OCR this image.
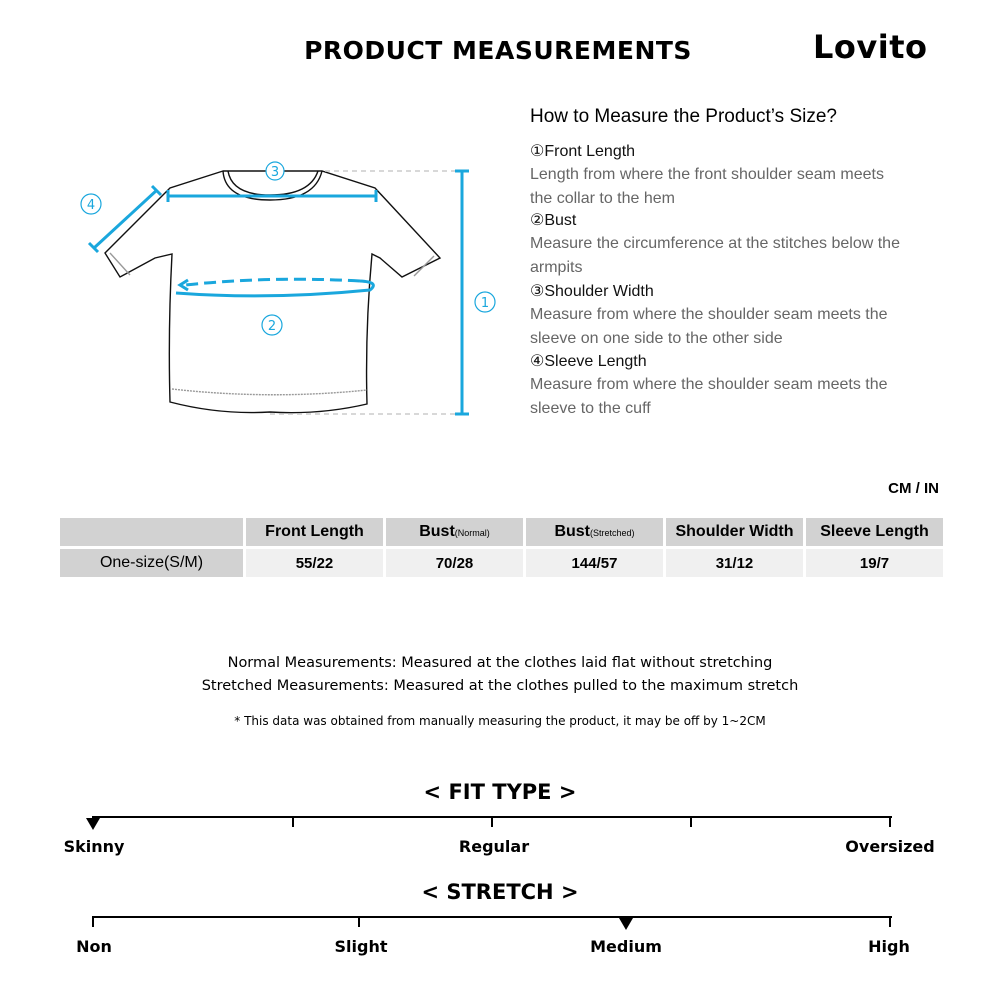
PRODUCT MEASUREMENTS	Lovito
3
2
1
4
How to Measure the Product’s Size?
①Front Length
Length from where the front shoulder seam meets the collar to the hem
②Bust
Measure the circumference at the stitches below the armpits
③Shoulder Width
Measure from where the shoulder seam meets the sleeve on one side to the other side
④Sleeve Length
Measure from where the shoulder seam meets the sleeve to the cuff
CM / IN
	Front Length	Bust(Normal)	Bust(Stretched)	Shoulder Width	Sleeve Length
One-size(S/M)	55/22	70/28	144/57	31/12	19/7
Normal Measurements: Measured at the clothes laid flat without stretching
Stretched Measurements: Measured at the clothes pulled to the maximum stretch
* This data was obtained from manually measuring the product, it may be off by 1~2CM
< FIT TYPE >
Skinny	Regular	Oversized
< STRETCH >
Non	Slight	Medium	High
